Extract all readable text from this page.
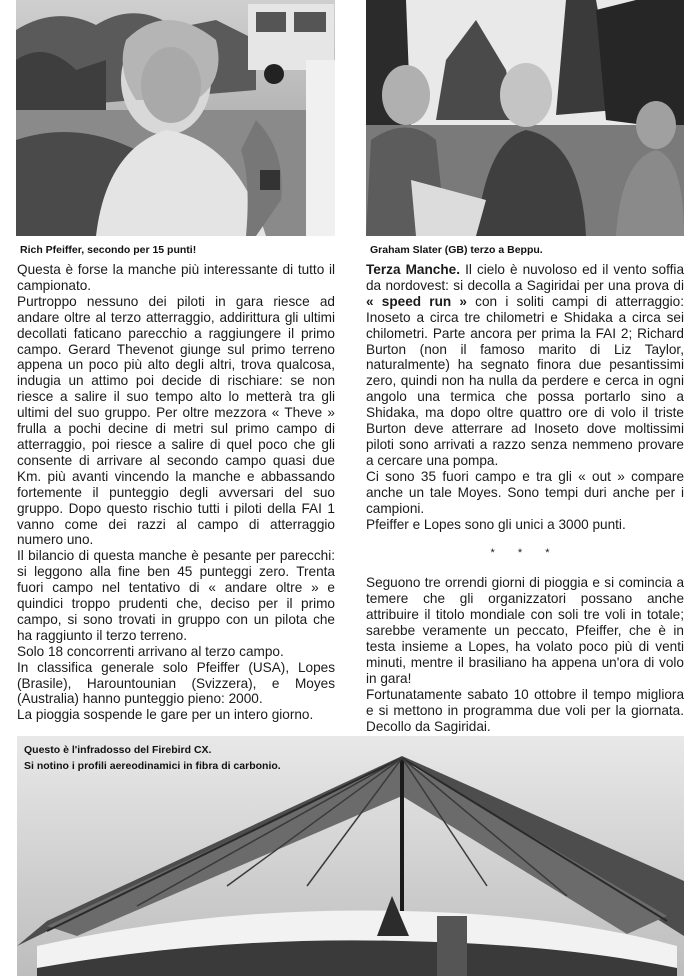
Rich Pfeiffer, secondo per 15 punti!	Graham Slater (GB) terzo a Beppu.

Questa è forse la manche più interessante di tutto il campionato.

Purtroppo nessuno dei piloti in gara riesce ad andare oltre al terzo atterraggio, addirittura gli ultimi decollati faticano parecchio a raggiungere il primo campo. Gerard Thevenot giunge sul primo terreno appena un poco più alto degli altri, trova qualcosa, indugia un attimo poi decide di rischiare: se non riesce a salire il suo tempo alto lo metterà tra gli ultimi del suo gruppo. Per oltre mezzora « Theve » frulla a pochi decine di metri sul primo campo di atterraggio, poi riesce a salire di quel poco che gli consente di arrivare al secondo campo quasi due Km. più avanti vincendo la manche e abbassando fortemente il punteggio degli avversari del suo gruppo. Dopo questo rischio tutti i piloti della FAI 1 vanno come dei razzi al campo di atterraggio numero uno.

Il bilancio di questa manche è pesante per parecchi: si leggono alla fine ben 45 punteggi zero. Trenta fuori campo nel tentativo di « andare oltre » e quindici troppo prudenti che, deciso per il primo campo, si sono trovati in gruppo con un pilota che ha raggiunto il terzo terreno.

Solo 18 concorrenti arrivano al terzo campo.

In classifica generale solo Pfeiffer (USA), Lopes (Brasile), Harountounian (Svizzera), e Moyes (Australia) hanno punteggio pieno: 2000.

La pioggia sospende le gare per un intero giorno.

Terza Manche. Il cielo è nuvoloso ed il vento soffia da nordovest: si decolla a Sagiridai per una prova di « speed run » con i soliti campi di atterraggio: Inoseto a circa tre chilometri e Shidaka a circa sei chilometri. Parte ancora per prima la FAI 2; Richard Burton (non il famoso marito di Liz Taylor, naturalmente) ha segnato finora due pesantissimi zero, quindi non ha nulla da perdere e cerca in ogni angolo una termica che possa portarlo sino a Shidaka, ma dopo oltre quattro ore di volo il triste Burton deve atterrare ad Inoseto dove moltissimi piloti sono arrivati a razzo senza nemmeno provare a cercare una pompa.

Ci sono 35 fuori campo e tra gli « out » compare anche un tale Moyes. Sono tempi duri anche per i campioni.

Pfeiffer e Lopes sono gli unici a 3000 punti.

* * *

Seguono tre orrendi giorni di pioggia e si comincia a temere che gli organizzatori possano anche attribuire il titolo mondiale con soli tre voli in totale; sarebbe veramente un peccato, Pfeiffer, che è in testa insieme a Lopes, ha volato poco più di venti minuti, mentre il brasiliano ha appena un'ora di volo in gara!

Fortunatamente sabato 10 ottobre il tempo migliora e si mettono in programma due voli per la giornata. Decollo da Sagiridai.

Questo è l'infradosso del Firebird CX.
Si notino i profili aereodinamici in fibra di carbonio.
